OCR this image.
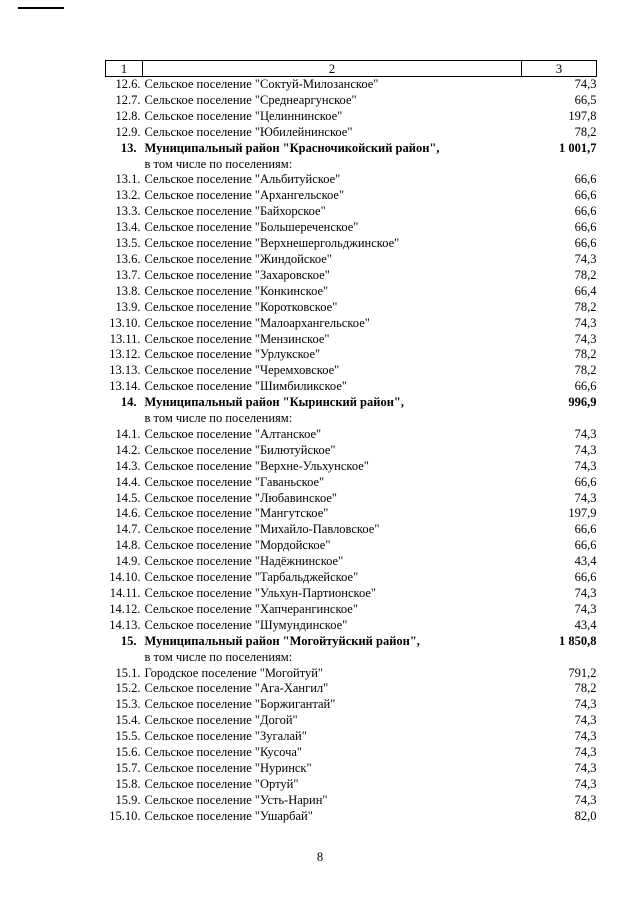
1	2	3
12.6.	Сельское поселение "Соктуй-Милозанское"	74,3
12.7.	Сельское поселение "Среднеаргунское"	66,5
12.8.	Сельское поселение "Целиннинское"	197,8
12.9.	Сельское поселение "Юбилейнинское"	78,2
13.	Муниципальный район "Красночикойский район",	1 001,7
	в том числе по поселениям:	
13.1.	Сельское поселение "Альбитуйское"	66,6
13.2.	Сельское поселение "Архангельское"	66,6
13.3.	Сельское поселение "Байхорское"	66,6
13.4.	Сельское поселение "Большереченское"	66,6
13.5.	Сельское поселение "Верхнешергольджинское"	66,6
13.6.	Сельское поселение "Жиндойское"	74,3
13.7.	Сельское поселение "Захаровское"	78,2
13.8.	Сельское поселение "Конкинское"	66,4
13.9.	Сельское поселение "Коротковское"	78,2
13.10.	Сельское поселение "Малоархангельское"	74,3
13.11.	Сельское поселение "Мензинское"	74,3
13.12.	Сельское поселение "Урлукское"	78,2
13.13.	Сельское поселение "Черемховское"	78,2
13.14.	Сельское поселение "Шимбиликское"	66,6
14.	Муниципальный район "Кыринский район",	996,9
	в том числе по поселениям:	
14.1.	Сельское поселение "Алтанское"	74,3
14.2.	Сельское поселение "Билютуйское"	74,3
14.3.	Сельское поселение "Верхне-Ульхунское"	74,3
14.4.	Сельское поселение "Гаваньское"	66,6
14.5.	Сельское поселение "Любавинское"	74,3
14.6.	Сельское поселение "Мангутское"	197,9
14.7.	Сельское поселение "Михайло-Павловское"	66,6
14.8.	Сельское поселение "Мордойское"	66,6
14.9.	Сельское поселение "Надёжнинское"	43,4
14.10.	Сельское поселение "Тарбальджейское"	66,6
14.11.	Сельское поселение "Ульхун-Партионское"	74,3
14.12.	Сельское поселение "Хапчерангинское"	74,3
14.13.	Сельское поселение "Шумундинское"	43,4
15.	Муниципальный район "Могойтуйский район",	1 850,8
	в том числе по поселениям:	
15.1.	Городское поселение "Могойтуй"	791,2
15.2.	Сельское поселение "Ага-Хангил"	78,2
15.3.	Сельское поселение "Боржигантай"	74,3
15.4.	Сельское поселение "Догой"	74,3
15.5.	Сельское поселение "Зугалай"	74,3
15.6.	Сельское поселение "Кусоча"	74,3
15.7.	Сельское поселение "Нуринск"	74,3
15.8.	Сельское поселение "Ортуй"	74,3
15.9.	Сельское поселение "Усть-Нарин"	74,3
15.10.	Сельское поселение "Ушарбай"	82,0
8
